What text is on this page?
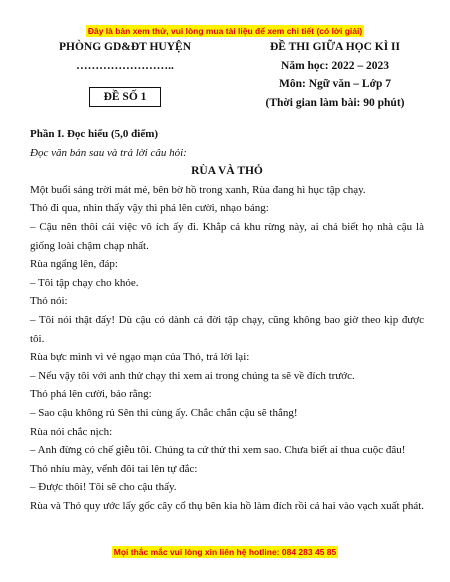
Đây là bản xem thử, vui lòng mua tài liệu để xem chi tiết (có lời giải)
PHÒNG GD&ĐT HUYỆN
……………………..
ĐỀ SỐ 1
ĐỀ THI GIỮA HỌC KÌ II
Năm học: 2022 – 2023
Môn: Ngữ văn – Lớp 7
(Thời gian làm bài: 90 phút)

Phần I. Đọc hiểu (5,0 điểm)

Đọc văn bản sau và trả lời câu hỏi:

RÙA VÀ THỎ

Một buổi sáng trời mát mẻ, bên bờ hồ trong xanh, Rùa đang hì hục tập chạy.

Thỏ đi qua, nhìn thấy vậy thì phá lên cười, nhạo báng:

– Cậu nên thôi cái việc vô ích ấy đi. Khắp cả khu rừng này, ai chả biết họ nhà cậu là giống loài chậm chạp nhất.

Rùa ngẩng lên, đáp:

– Tôi tập chạy cho khỏe.

Thỏ nói:

– Tôi nói thật đấy! Dù cậu có dành cả đời tập chạy, cũng không bao giờ theo kịp được tôi.

Rùa bực mình vì vẻ ngạo mạn của Thỏ, trả lời lại:

– Nếu vậy tôi với anh thử chạy thi xem ai trong chúng ta sẽ về đích trước.

Thỏ phá lên cười, bảo rằng:

– Sao cậu không rủ Sên thi cùng ấy. Chắc chắn cậu sẽ thắng!

Rùa nói chắc nịch:

– Anh đừng có chế giễu tôi. Chúng ta cứ thử thi xem sao. Chưa biết ai thua cuộc đâu!

Thỏ nhíu mày, vểnh đôi tai lên tự đắc:

– Được thôi! Tôi sẽ cho cậu thấy.

Rùa và Thỏ quy ước lấy gốc cây cổ thụ bên kia hồ làm đích rồi cả hai vào vạch xuất phát.

Mọi thắc mắc vui lòng xin liên hệ hotline: 084 283 45 85
